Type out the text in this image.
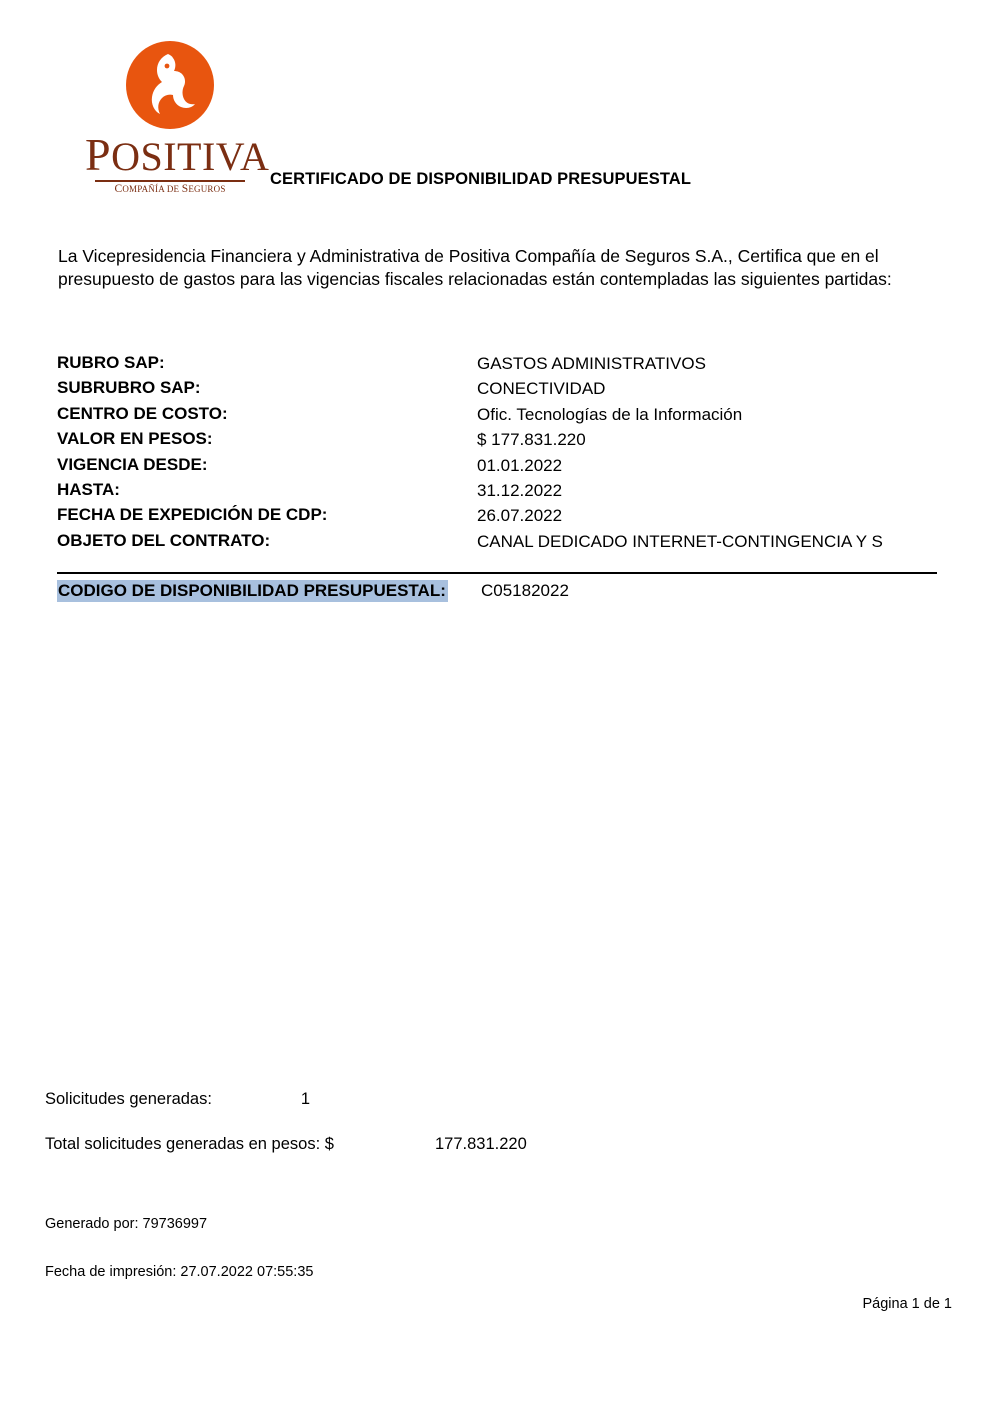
POSITIVA
COMPAÑÍA DE SEGUROS
CERTIFICADO DE DISPONIBILIDAD PRESUPUESTAL
La Vicepresidencia Financiera y Administrativa de Positiva Compañía de Seguros S.A., Certifica que en el presupuesto de gastos para las vigencias fiscales relacionadas están contempladas las siguientes partidas:
RUBRO SAP:	GASTOS ADMINISTRATIVOS
SUBRUBRO SAP:	CONECTIVIDAD
CENTRO DE COSTO:	Ofic. Tecnologías de la Información
VALOR EN PESOS:	$ 177.831.220
VIGENCIA DESDE:	01.01.2022
HASTA:	31.12.2022
FECHA DE EXPEDICIÓN DE CDP:	26.07.2022
OBJETO DEL CONTRATO:	CANAL DEDICADO INTERNET-CONTINGENCIA Y S
CODIGO DE DISPONIBILIDAD PRESUPUESTAL:	C05182022
Solicitudes generadas:	1
Total solicitudes generadas en pesos: $	177.831.220
Generado por: 79736997
Fecha de impresión: 27.07.2022 07:55:35
Página 1 de 1
